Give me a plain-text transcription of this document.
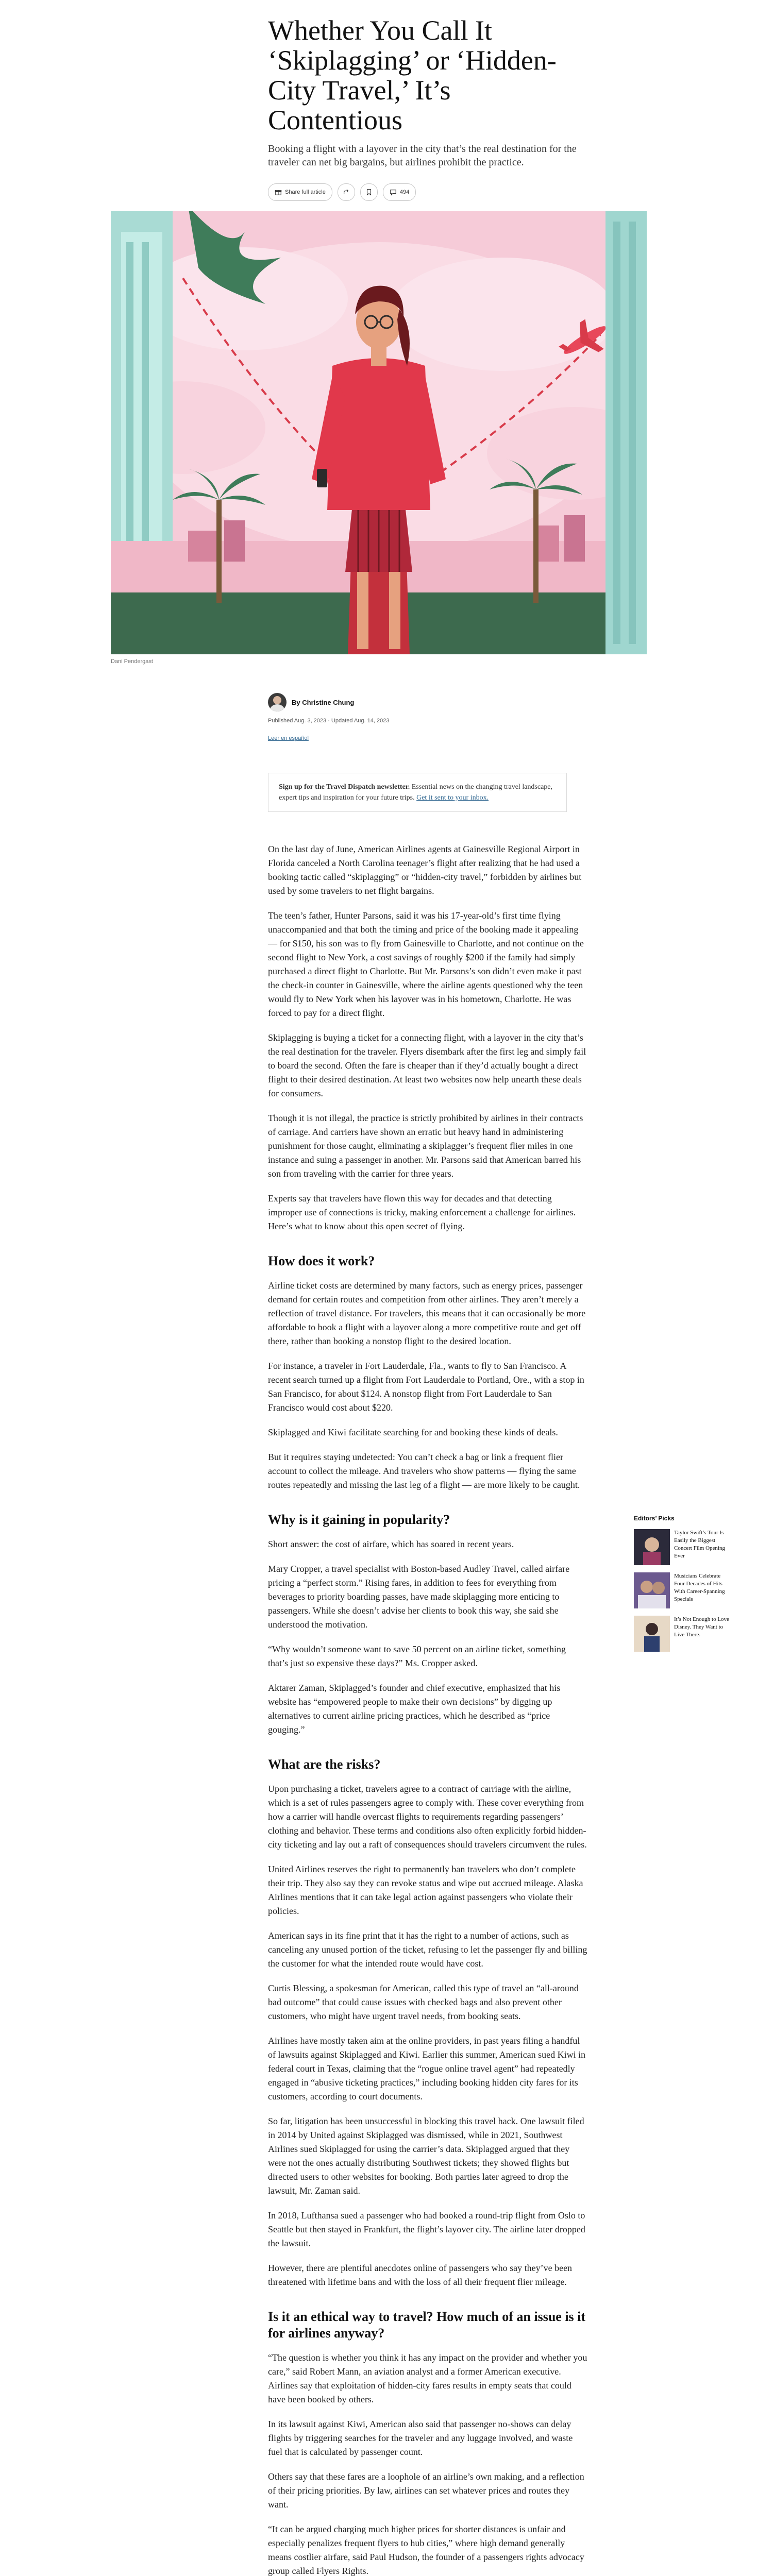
Whether You Call It ‘Skiplagging’ or ‘Hidden-City Travel,’ It’s Contentious

Booking a flight with a layover in the city that’s the real destination for the traveler can net big bargains, but airlines prohibit the practice.

Share full article	494
Dani Pendergast
By Christine Chung
Published Aug. 3, 2023 · Updated Aug. 14, 2023
Leer en español
Sign up for the Travel Dispatch newsletter. Essential news on the changing travel landscape, expert tips and inspiration for your future trips. Get it sent to your inbox.

On the last day of June, American Airlines agents at Gainesville Regional Airport in Florida canceled a North Carolina teenager’s flight after realizing that he had used a booking tactic called “skiplagging” or “hidden-city travel,” forbidden by airlines but used by some travelers to net flight bargains.

The teen’s father, Hunter Parsons, said it was his 17-year-old’s first time flying unaccompanied and that both the timing and price of the booking made it appealing — for $150, his son was to fly from Gainesville to Charlotte, and not continue on the second flight to New York, a cost savings of roughly $200 if the family had simply purchased a direct flight to Charlotte. But Mr. Parsons’s son didn’t even make it past the check-in counter in Gainesville, where the airline agents questioned why the teen would fly to New York when his layover was in his hometown, Charlotte. He was forced to pay for a direct flight.

Skiplagging is buying a ticket for a connecting flight, with a layover in the city that’s the real destination for the traveler. Flyers disembark after the first leg and simply fail to board the second. Often the fare is cheaper than if they’d actually bought a direct flight to their desired destination. At least two websites now help unearth these deals for consumers.

Though it is not illegal, the practice is strictly prohibited by airlines in their contracts of carriage. And carriers have shown an erratic but heavy hand in administering punishment for those caught, eliminating a skiplagger’s frequent flier miles in one instance and suing a passenger in another. Mr. Parsons said that American barred his son from traveling with the carrier for three years.

Experts say that travelers have flown this way for decades and that detecting improper use of connections is tricky, making enforcement a challenge for airlines. Here’s what to know about this open secret of flying.

How does it work?

Airline ticket costs are determined by many factors, such as energy prices, passenger demand for certain routes and competition from other airlines. They aren’t merely a reflection of travel distance. For travelers, this means that it can occasionally be more affordable to book a flight with a layover along a more competitive route and get off there, rather than booking a nonstop flight to the desired location.

For instance, a traveler in Fort Lauderdale, Fla., wants to fly to San Francisco. A recent search turned up a flight from Fort Lauderdale to Portland, Ore., with a stop in San Francisco, for about $124. A nonstop flight from Fort Lauderdale to San Francisco would cost about $220.

Skiplagged and Kiwi facilitate searching for and booking these kinds of deals.

But it requires staying undetected: You can’t check a bag or link a frequent flier account to collect the mileage. And travelers who show patterns — flying the same routes repeatedly and missing the last leg of a flight — are more likely to be caught.

Why is it gaining in popularity?

Short answer: the cost of airfare, which has soared in recent years.

Mary Cropper, a travel specialist with Boston-based Audley Travel, called airfare pricing a “perfect storm.” Rising fares, in addition to fees for everything from beverages to priority boarding passes, have made skiplagging more enticing to passengers. While she doesn’t advise her clients to book this way, she said she understood the motivation.

“Why wouldn’t someone want to save 50 percent on an airline ticket, something that’s just so expensive these days?” Ms. Cropper asked.

Aktarer Zaman, Skiplagged’s founder and chief executive, emphasized that his website has “empowered people to make their own decisions” by digging up alternatives to current airline pricing practices, which he described as “price gouging.”

What are the risks?

Upon purchasing a ticket, travelers agree to a contract of carriage with the airline, which is a set of rules passengers agree to comply with. These cover everything from how a carrier will handle overcast flights to requirements regarding passengers’ clothing and behavior. These terms and conditions also often explicitly forbid hidden-city ticketing and lay out a raft of consequences should travelers circumvent the rules.

United Airlines reserves the right to permanently ban travelers who don’t complete their trip. They also say they can revoke status and wipe out accrued mileage. Alaska Airlines mentions that it can take legal action against passengers who violate their policies.

American says in its fine print that it has the right to a number of actions, such as canceling any unused portion of the ticket, refusing to let the passenger fly and billing the customer for what the intended route would have cost.

Curtis Blessing, a spokesman for American, called this type of travel an “all-around bad outcome” that could cause issues with checked bags and also prevent other customers, who might have urgent travel needs, from booking seats.

Airlines have mostly taken aim at the online providers, in past years filing a handful of lawsuits against Skiplagged and Kiwi. Earlier this summer, American sued Kiwi in federal court in Texas, claiming that the “rogue online travel agent” had repeatedly engaged in “abusive ticketing practices,” including booking hidden city fares for its customers, according to court documents.

So far, litigation has been unsuccessful in blocking this travel hack. One lawsuit filed in 2014 by United against Skiplagged was dismissed, while in 2021, Southwest Airlines sued Skiplagged for using the carrier’s data. Skiplagged argued that they were not the ones actually distributing Southwest tickets; they showed flights but directed users to other websites for booking. Both parties later agreed to drop the lawsuit, Mr. Zaman said.

In 2018, Lufthansa sued a passenger who had booked a round-trip flight from Oslo to Seattle but then stayed in Frankfurt, the flight’s layover city. The airline later dropped the lawsuit.

However, there are plentiful anecdotes online of passengers who say they’ve been threatened with lifetime bans and with the loss of all their frequent flier mileage.

Is it an ethical way to travel? How much of an issue is it for airlines anyway?

“The question is whether you think it has any impact on the provider and whether you care,” said Robert Mann, an aviation analyst and a former American executive. Airlines say that exploitation of hidden-city fares results in empty seats that could have been booked by others.

In its lawsuit against Kiwi, American also said that passenger no-shows can delay flights by triggering searches for the traveler and any luggage involved, and waste fuel that is calculated by passenger count.

Others say that these fares are a loophole of an airline’s own making, and a reflection of their pricing priorities. By law, airlines can set whatever prices and routes they want.

“It can be argued charging much higher prices for shorter distances is unfair and especially penalizes frequent flyers to hub cities,” where high demand generally means costlier airfare, said Paul Hudson, the founder of a passengers rights advocacy group called Flyers Rights.

Editors’ Picks
Taylor Swift’s Tour Is Easily the Biggest Concert Film Opening Ever
Musicians Celebrate Four Decades of Hits With Career-Spanning Specials
It’s Not Enough to Love Disney. They Want to Live There.
